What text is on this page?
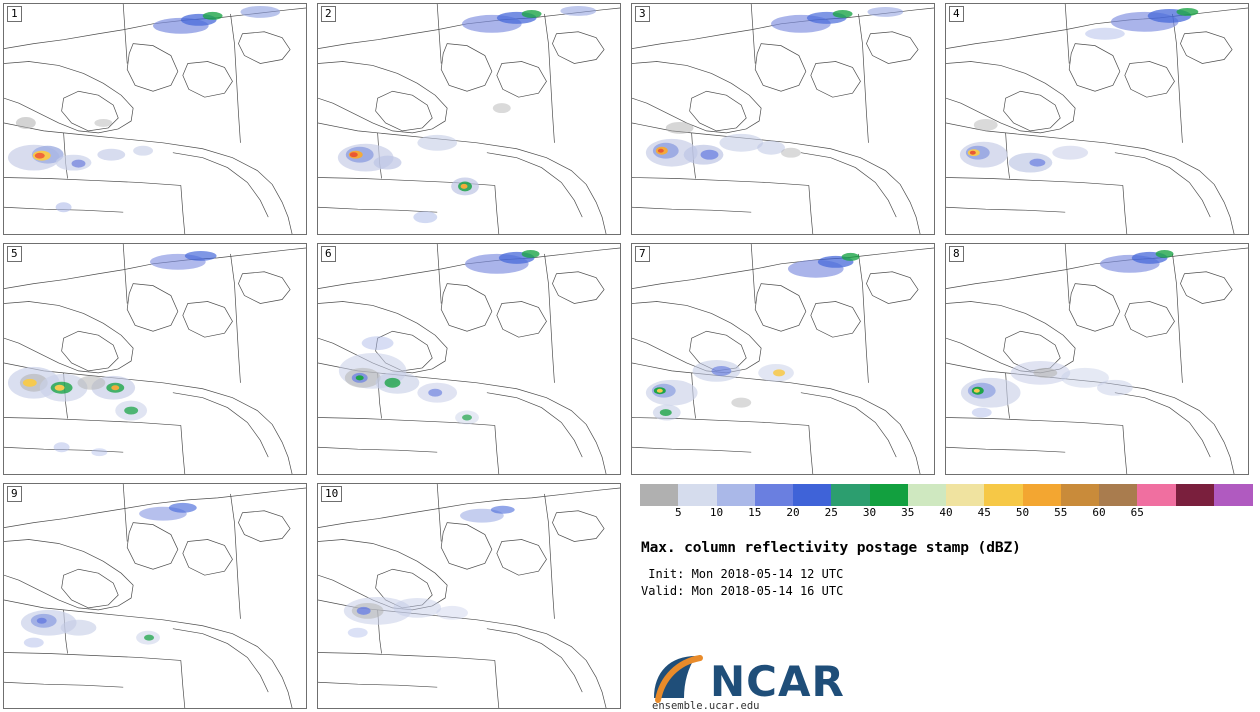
1	2	3	4
5	6	7	8
9	10
5	10 15 20 25 30 35 40 45 50 55 60 65
Max. column reflectivity postage stamp (dBZ)
Init: Mon 2018-05-14 12 UTC
Valid: Mon 2018-05-14 16 UTC
NCAR
ensemble.ucar.edu
